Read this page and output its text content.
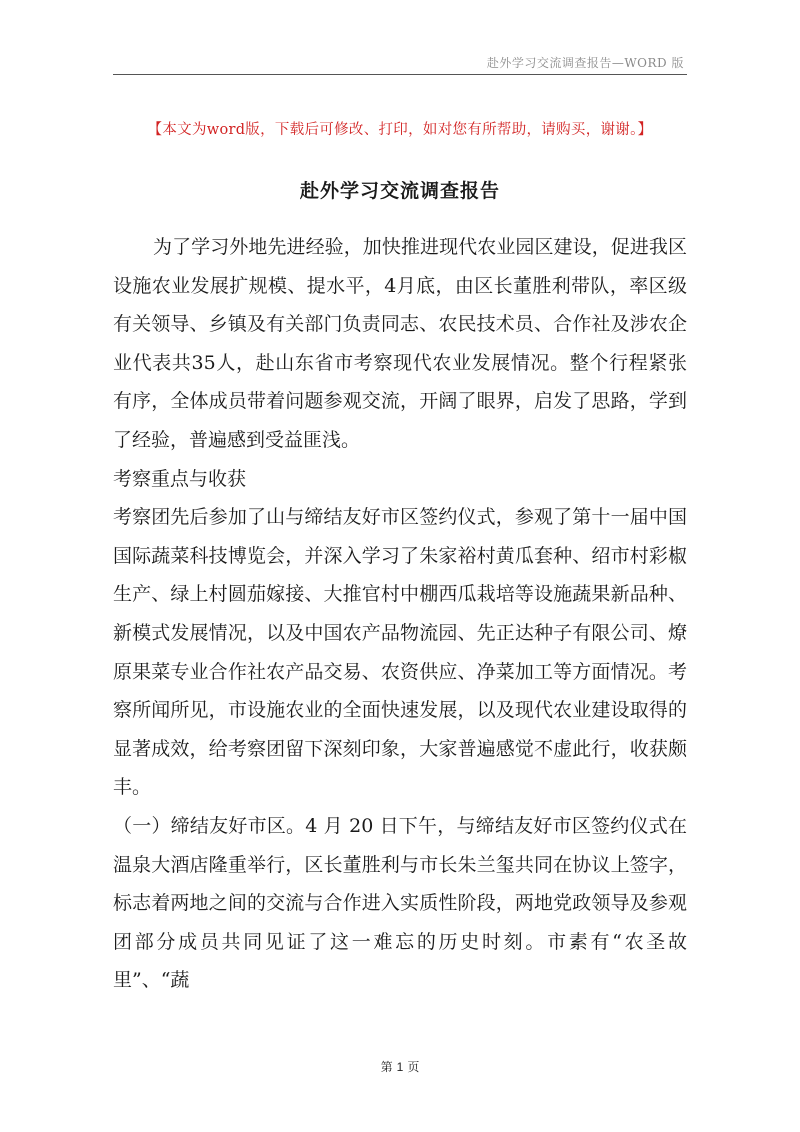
赴外学习交流调查报告—WORD 版
【本文为word版，下载后可修改、打印，如对您有所帮助，请购买，谢谢。】
赴外学习交流调查报告

为了学习外地先进经验，加快推进现代农业园区建设，促进我区设施农业发展扩规模、提水平，4月底，由区长董胜利带队，率区级有关领导、乡镇及有关部门负责同志、农民技术员、合作社及涉农企业代表共35人，赴山东省市考察现代农业发展情况。整个行程紧张有序，全体成员带着问题参观交流，开阔了眼界，启发了思路，学到了经验，普遍感到受益匪浅。

考察重点与收获

考察团先后参加了山与缔结友好市区签约仪式，参观了第十一届中国国际蔬菜科技博览会，并深入学习了朱家裕村黄瓜套种、绍市村彩椒生产、绿上村圆茄嫁接、大推官村中棚西瓜栽培等设施蔬果新品种、新模式发展情况，以及中国农产品物流园、先正达种子有限公司、燎原果菜专业合作社农产品交易、农资供应、净菜加工等方面情况。考察所闻所见，市设施农业的全面快速发展，以及现代农业建设取得的显著成效，给考察团留下深刻印象，大家普遍感觉不虚此行，收获颇丰。

（一）缔结友好市区。4 月 20 日下午，与缔结友好市区签约仪式在温泉大酒店隆重举行，区长董胜利与市长朱兰玺共同在协议上签字，标志着两地之间的交流与合作进入实质性阶段，两地党政领导及参观团部分成员共同见证了这一难忘的历史时刻。市素有“农圣故里”、“蔬

第 1 页
